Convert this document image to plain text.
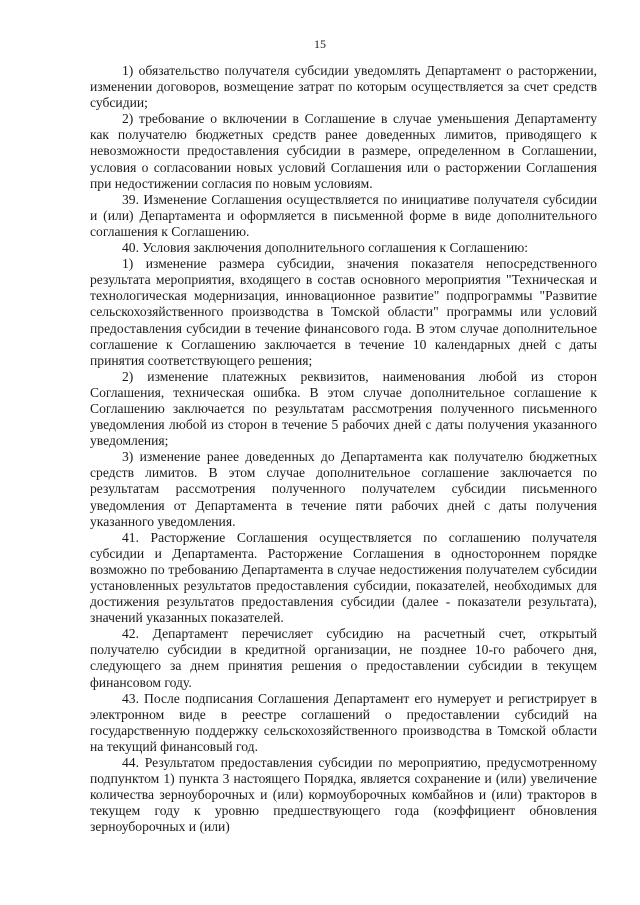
15

1) обязательство получателя субсидии уведомлять Департамент о расторжении, изменении договоров, возмещение затрат по которым осуществляется за счет средств субсидии;

2) требование о включении в Соглашение в случае уменьшения Департаменту как получателю бюджетных средств ранее доведенных лимитов, приводящего к невозможности предоставления субсидии в размере, определенном в Соглашении, условия о согласовании новых условий Соглашения или о расторжении Соглашения при недостижении согласия по новым условиям.

39. Изменение Соглашения осуществляется по инициативе получателя субсидии и (или) Департамента и оформляется в письменной форме в виде дополнительного соглашения к Соглашению.

40. Условия заключения дополнительного соглашения к Соглашению:

1) изменение размера субсидии, значения показателя непосредственного результата мероприятия, входящего в состав основного мероприятия "Техническая и технологическая модернизация, инновационное развитие" подпрограммы "Развитие сельскохозяйственного производства в Томской области" программы или условий предоставления субсидии в течение финансового года. В этом случае дополнительное соглашение к Соглашению заключается в течение 10 календарных дней с даты принятия соответствующего решения;

2) изменение платежных реквизитов, наименования любой из сторон Соглашения, техническая ошибка. В этом случае дополнительное соглашение к Соглашению заключается по результатам рассмотрения полученного письменного уведомления любой из сторон в течение 5 рабочих дней с даты получения указанного уведомления;

3) изменение ранее доведенных до Департамента как получателю бюджетных средств лимитов. В этом случае дополнительное соглашение заключается по результатам рассмотрения полученного получателем субсидии письменного уведомления от Департамента в течение пяти рабочих дней с даты получения указанного уведомления.

41. Расторжение Соглашения осуществляется по соглашению получателя субсидии и Департамента. Расторжение Соглашения в одностороннем порядке возможно по требованию Департамента в случае недостижения получателем субсидии установленных результатов предоставления субсидии, показателей, необходимых для достижения результатов предоставления субсидии (далее - показатели результата), значений указанных показателей.

42. Департамент перечисляет субсидию на расчетный счет, открытый получателю субсидии в кредитной организации, не позднее 10-го рабочего дня, следующего за днем принятия решения о предоставлении субсидии в текущем финансовом году.

43. После подписания Соглашения Департамент его нумерует и регистрирует в электронном виде в реестре соглашений о предоставлении субсидий на государственную поддержку сельскохозяйственного производства в Томской области на текущий финансовый год.

44. Результатом предоставления субсидии по мероприятию, предусмотренному подпунктом 1) пункта 3 настоящего Порядка, является сохранение и (или) увеличение количества зерноуборочных и (или) кормоуборочных комбайнов и (или) тракторов в текущем году к уровню предшествующего года (коэффициент обновления зерноуборочных и (или)
